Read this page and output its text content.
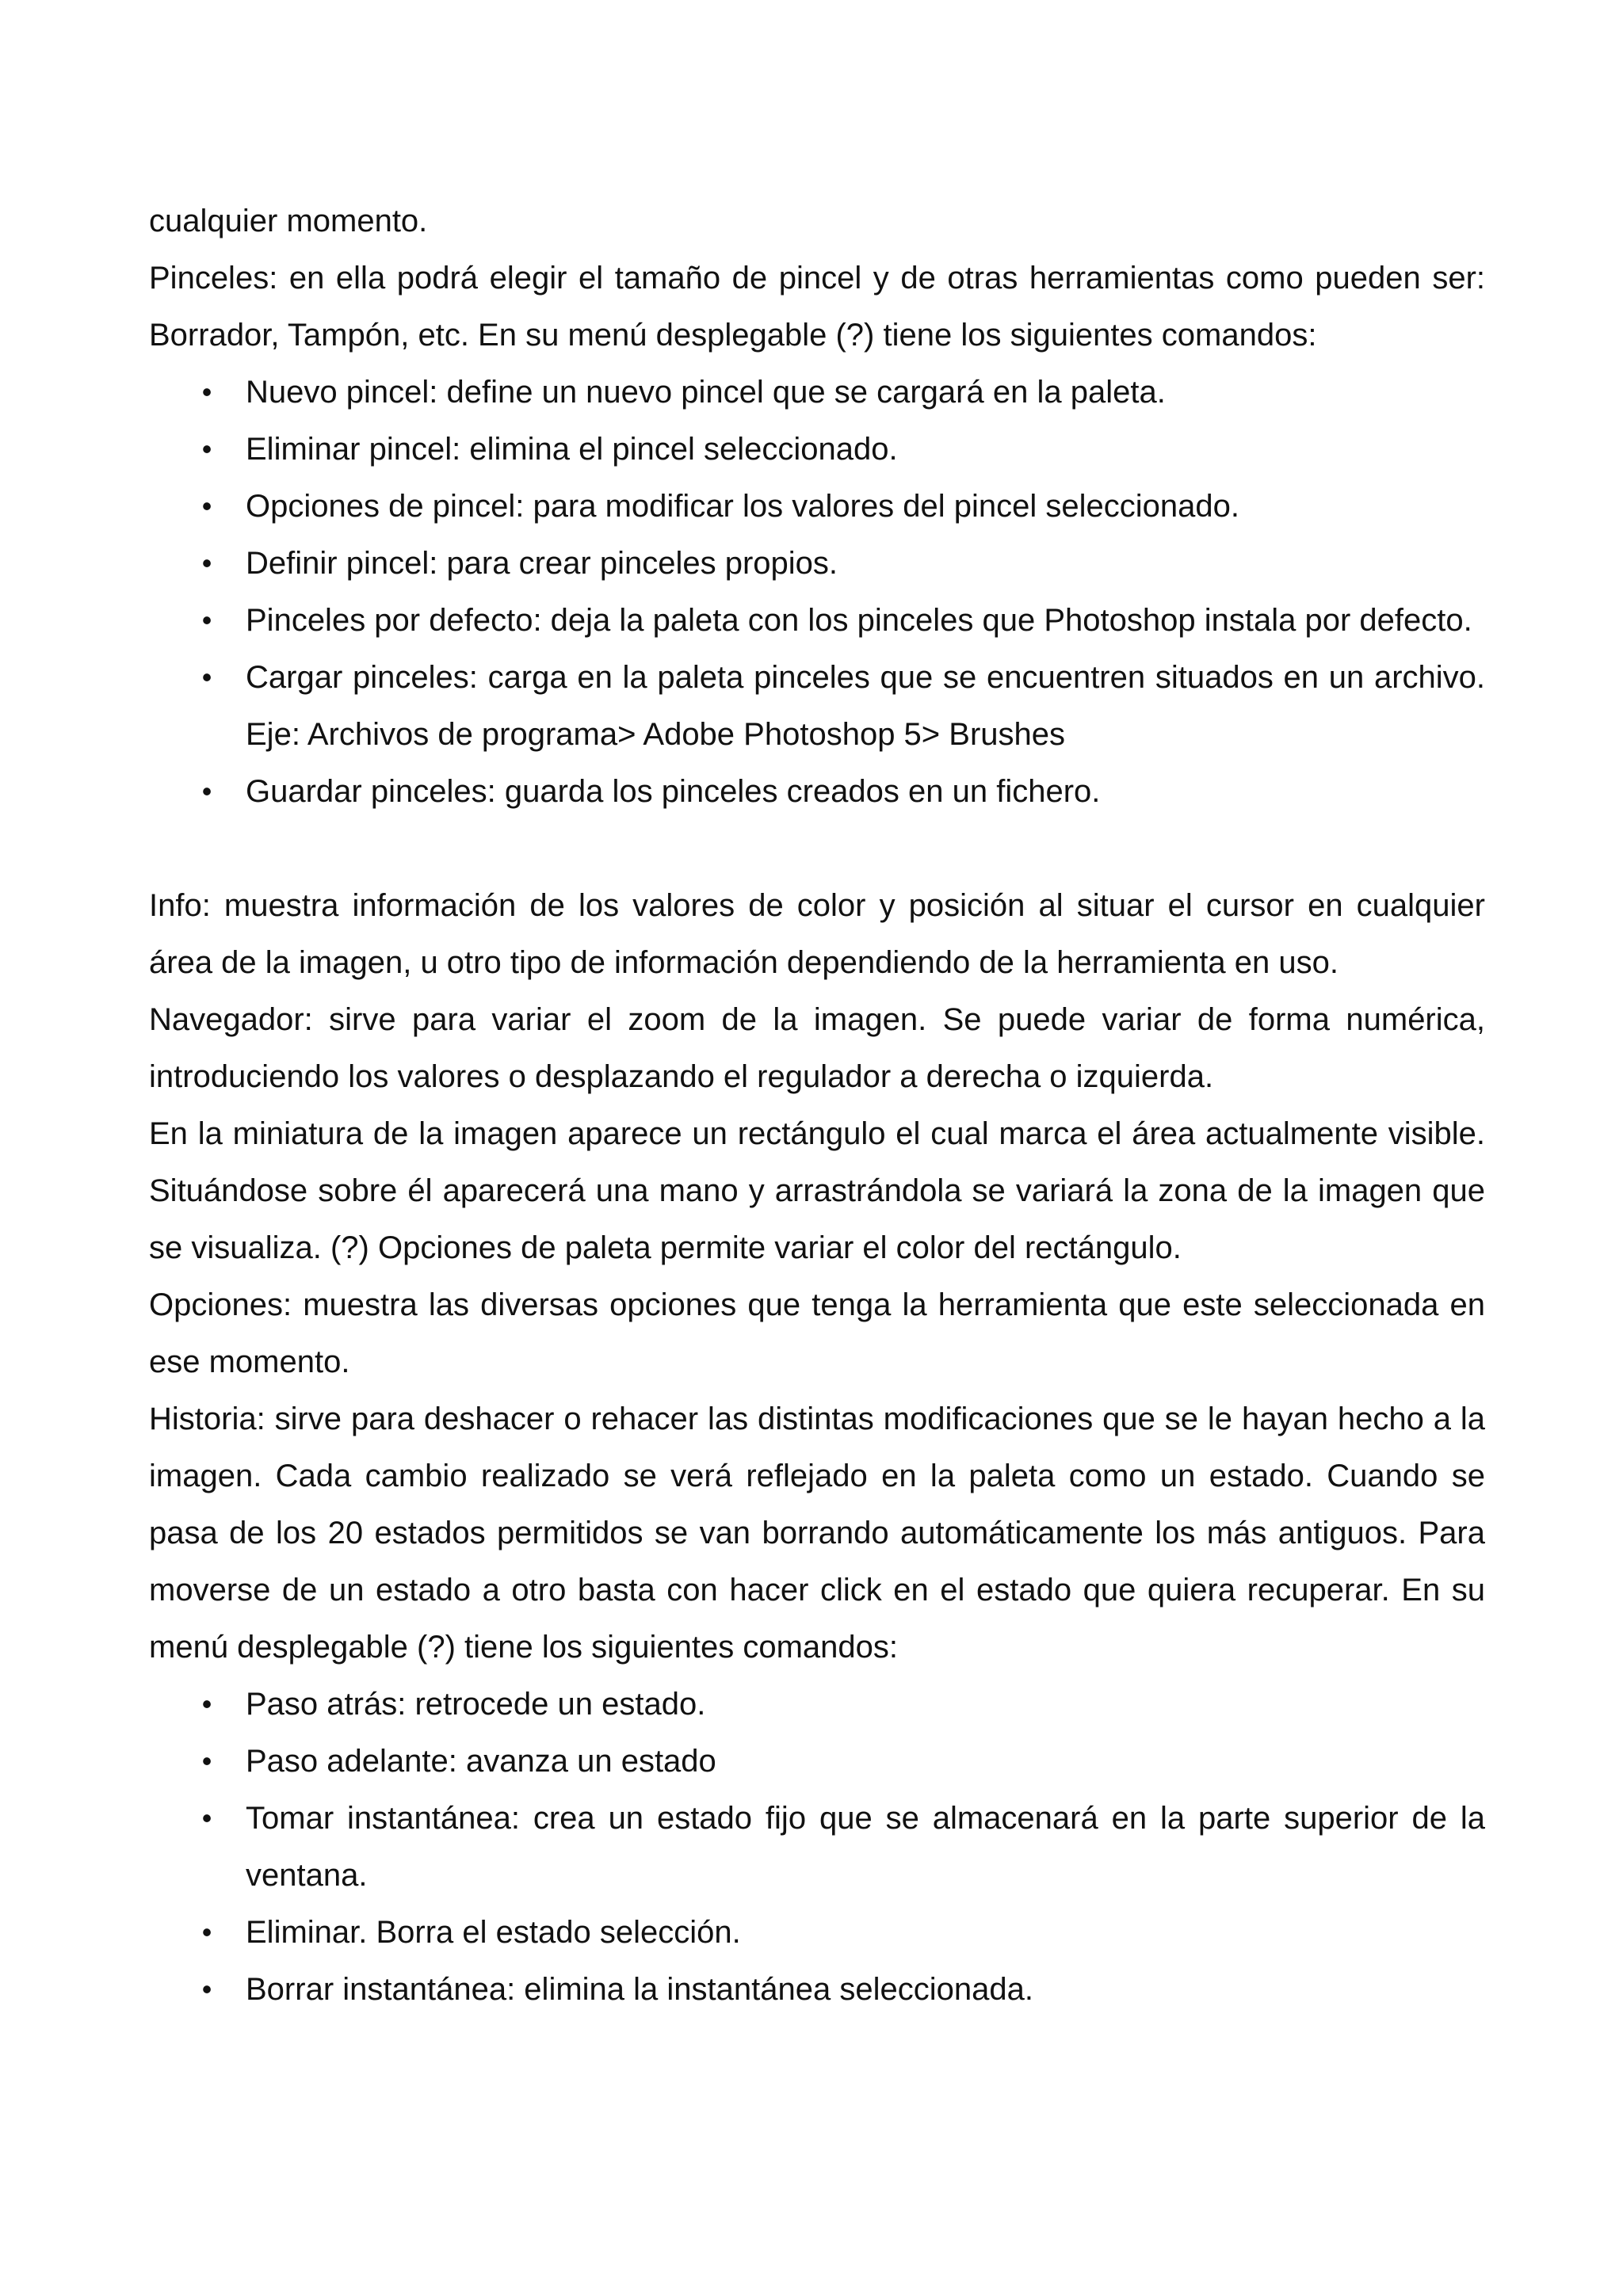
cualquier momento.

Pinceles: en ella podrá elegir el tamaño de pincel y de otras herramientas como pueden ser: Borrador, Tampón, etc. En su menú desplegable (?) tiene los siguientes comandos:

• Nuevo pincel: define un nuevo pincel que se cargará en la paleta.
• Eliminar pincel: elimina el pincel seleccionado.
• Opciones de pincel: para modificar los valores del pincel seleccionado.
• Definir pincel: para crear pinceles propios.
• Pinceles por defecto: deja la paleta con los pinceles que Photoshop instala por defecto.
• Cargar pinceles: carga en la paleta pinceles que se encuentren situados en un archivo. Eje: Archivos de programa> Adobe Photoshop 5> Brushes
• Guardar pinceles: guarda los pinceles creados en un fichero.

Info: muestra información de los valores de color y posición al situar el cursor en cualquier área de la imagen, u otro tipo de información dependiendo de la herramienta en uso.

Navegador: sirve para variar el zoom de la imagen. Se puede variar de forma numérica, introduciendo los valores o desplazando el regulador a derecha o izquierda.

En la miniatura de la imagen aparece un rectángulo el cual marca el área actualmente visible. Situándose sobre él aparecerá una mano y arrastrándola se variará la zona de la imagen que se visualiza. (?) Opciones de paleta permite variar el color del rectángulo.

Opciones: muestra las diversas opciones que tenga la herramienta que este seleccionada en ese momento.

Historia: sirve para deshacer o rehacer las distintas modificaciones que se le hayan hecho a la imagen. Cada cambio realizado se verá reflejado en la paleta como un estado. Cuando se pasa de los 20 estados permitidos se van borrando automáticamente los más antiguos. Para moverse de un estado a otro basta con hacer click en el estado que quiera recuperar. En su menú desplegable (?) tiene los siguientes comandos:

• Paso atrás: retrocede un estado.
• Paso adelante: avanza un estado
• Tomar instantánea: crea un estado fijo que se almacenará en la parte superior de la ventana.
• Eliminar. Borra el estado selección.
• Borrar instantánea: elimina la instantánea seleccionada.
